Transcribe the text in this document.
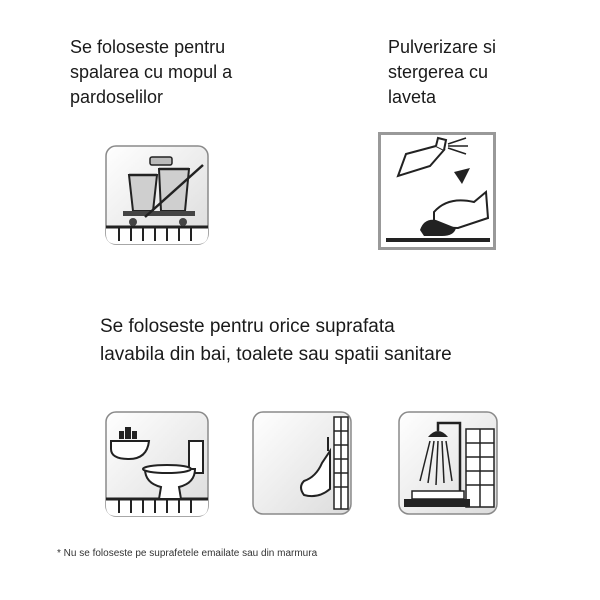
Se foloseste pentru
spalarea cu mopul a
pardoselilor
Pulverizare si
stergerea cu
laveta
Se foloseste pentru orice suprafata
lavabila din bai, toalete sau spatii sanitare
* Nu se foloseste pe suprafetele emailate sau din marmura
